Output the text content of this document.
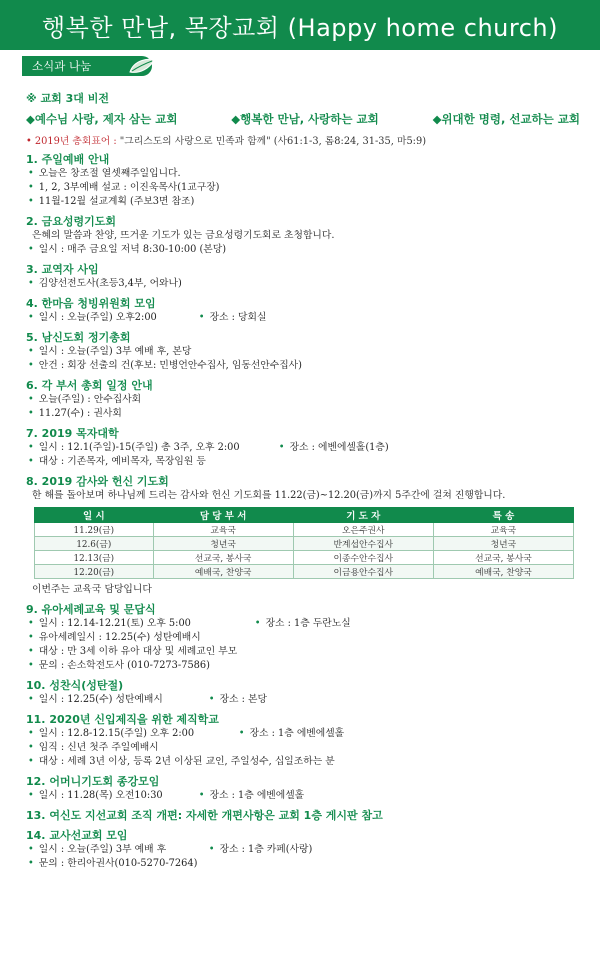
행복한 만남, 목장교회 (Happy home church)
소식과 나눔
※ 교회 3대 비전
◆예수님 사랑, 제자 삼는 교회	◆행복한 만남, 사랑하는 교회	◆위대한 명령, 선교하는 교회
• 2019년 총회표어 : "그리스도의 사랑으로 민족과 함께" (사61:1-3, 롬8:24, 31-35, 마5:9)
1. 주일예배 안내
• 오늘은 창조절 열셋째주일입니다.
• 1, 2, 3부예배 설교 : 이진욱목사(1교구장)
• 11월-12월 설교계획 (주보3면 참조)
2. 금요성령기도회
은혜의 말씀과 찬양, 뜨거운 기도가 있는 금요성령기도회로 초청합니다.
• 일시 : 매주 금요일 저녁 8:30-10:00 (본당)
3. 교역자 사임
• 김양선전도사(초등3,4부, 어와나)
4. 한마음 청빙위원회 모임
• 일시 : 오늘(주일) 오후2:00	• 장소 : 당회실
5. 남신도회 정기총회
• 일시 : 오늘(주일) 3부 예배 후, 본당
• 안건 : 회장 선출의 건(후보: 민병언안수집사, 임동선안수집사)
6. 각 부서 총회 일정 안내
• 오늘(주일) : 안수집사회
• 11.27(수) : 권사회
7. 2019 목자대학
• 일시 : 12.1(주일)-15(주일) 총 3주, 오후 2:00	• 장소 : 에벤에셀홀(1층)
• 대상 : 기존목자, 예비목자, 목장임원 등
8. 2019 감사와 헌신 기도회
한 해를 돌아보며 하나님께 드리는 감사와 헌신 기도회를 11.22(금)~12.20(금)까지 5주간에 걸쳐 진행합니다.
일 시	담 당 부 서	기 도 자	특 송
11.29(금)	교육국	오은주권사	교육국
12.6(금)	청년국	반계섭안수집사	청년국
12.13(금)	선교국, 봉사국	이종수안수집사	선교국, 봉사국
12.20(금)	예배국, 찬양국	이금용안수집사	예배국, 찬양국
이번주는 교육국 담당입니다
9. 유아세례교육 및 문답식
• 일시 : 12.14-12.21(토) 오후 5:00	• 장소 : 1층 두란노실
• 유아세례일시 : 12.25(수) 성탄예배시
• 대상 : 만 3세 이하 유아 대상 및 세례교인 부모
• 문의 : 손소학전도사 (010-7273-7586)
10. 성찬식(성탄절)
• 일시 : 12.25(수) 성탄예배시	• 장소 : 본당
11. 2020년 신입제직을 위한 제직학교
• 일시 : 12.8-12.15(주일) 오후 2:00	• 장소 : 1층 에벤에셀홀
• 임직 : 신년 첫주 주일예배시
• 대상 : 세례 3년 이상, 등록 2년 이상된 교인, 주일성수, 십일조하는 분
12. 어머니기도회 종강모임
• 일시 : 11.28(목) 오전10:30	• 장소 : 1층 에벤에셀홀
13. 여신도 지선교회 조직 개편: 자세한 개편사항은 교회 1층 게시판 참고
14. 교사선교회 모임
• 일시 : 오늘(주일) 3부 예배 후	• 장소 : 1층 카페(사랑)
• 문의 : 한리아권사(010-5270-7264)
